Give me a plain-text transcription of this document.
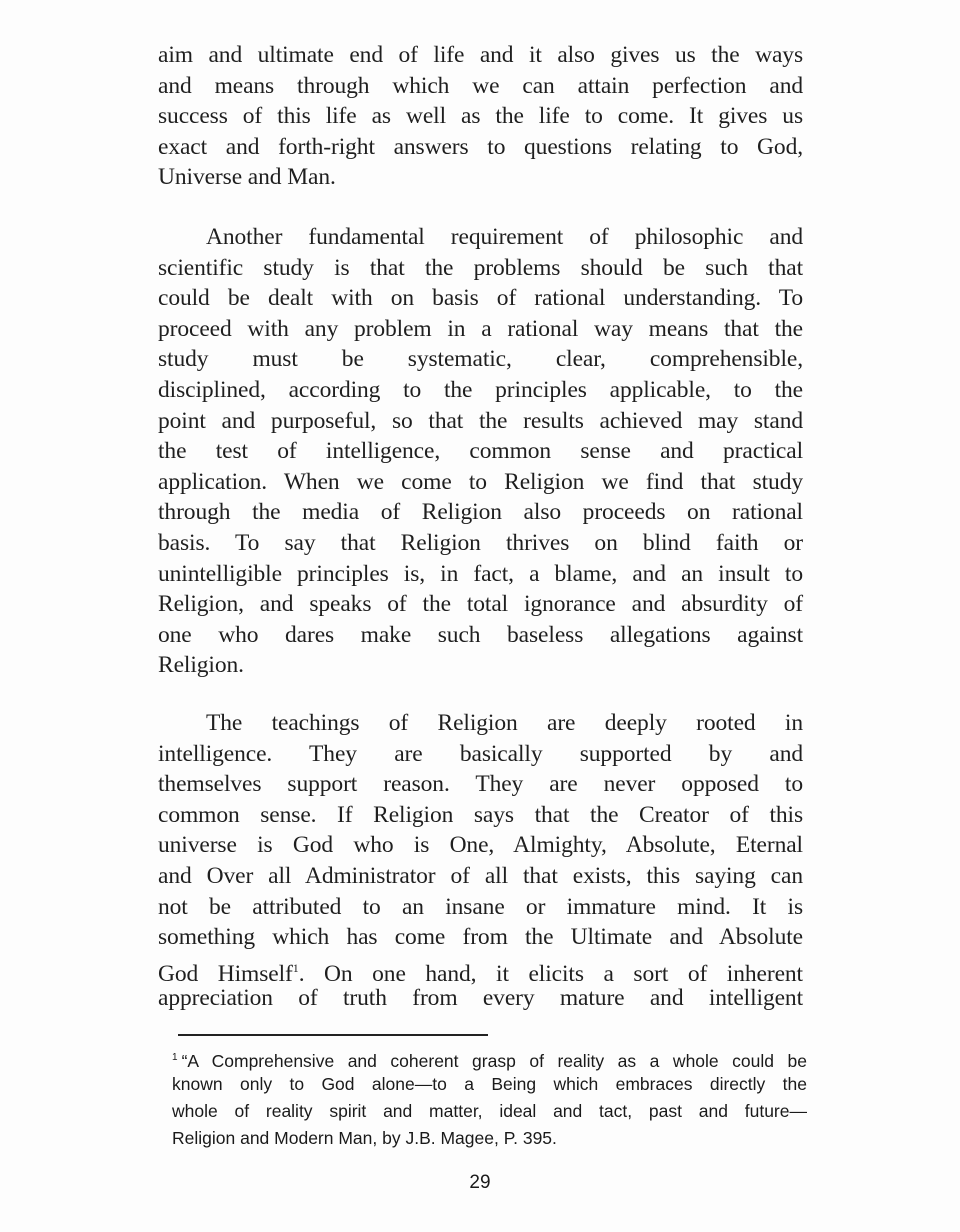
aim and ultimate end of life and it also gives us the ways
and means through which we can attain perfection and
success of this life as well as the life to come. It gives us
exact and forth-right answers to questions relating to God,
Universe and Man.
Another fundamental requirement of philosophic and
scientific study is that the problems should be such that
could be dealt with on basis of rational understanding. To
proceed with any problem in a rational way means that the
study must be systematic, clear, comprehensible,
disciplined, according to the principles applicable, to the
point and purposeful, so that the results achieved may stand
the test of intelligence, common sense and practical
application. When we come to Religion we find that study
through the media of Religion also proceeds on rational
basis. To say that Religion thrives on blind faith or
unintelligible principles is, in fact, a blame, and an insult to
Religion, and speaks of the total ignorance and absurdity of
one who dares make such baseless allegations against
Religion.
The teachings of Religion are deeply rooted in
intelligence. They are basically supported by and
themselves support reason. They are never opposed to
common sense. If Religion says that the Creator of this
universe is God who is One, Almighty, Absolute, Eternal
and Over all Administrator of all that exists, this saying can
not be attributed to an insane or immature mind. It is
something which has come from the Ultimate and Absolute
God Himself$^1$. On one hand, it elicits a sort of inherent
appreciation of truth from every mature and intelligent
$^1$ “A Comprehensive and coherent grasp of reality as a whole could be
known only to God alone—to a Being which embraces directly the
whole of reality spirit and matter, ideal and tact, past and future—
Religion and Modern Man, by J.B. Magee, P. 395.
29
